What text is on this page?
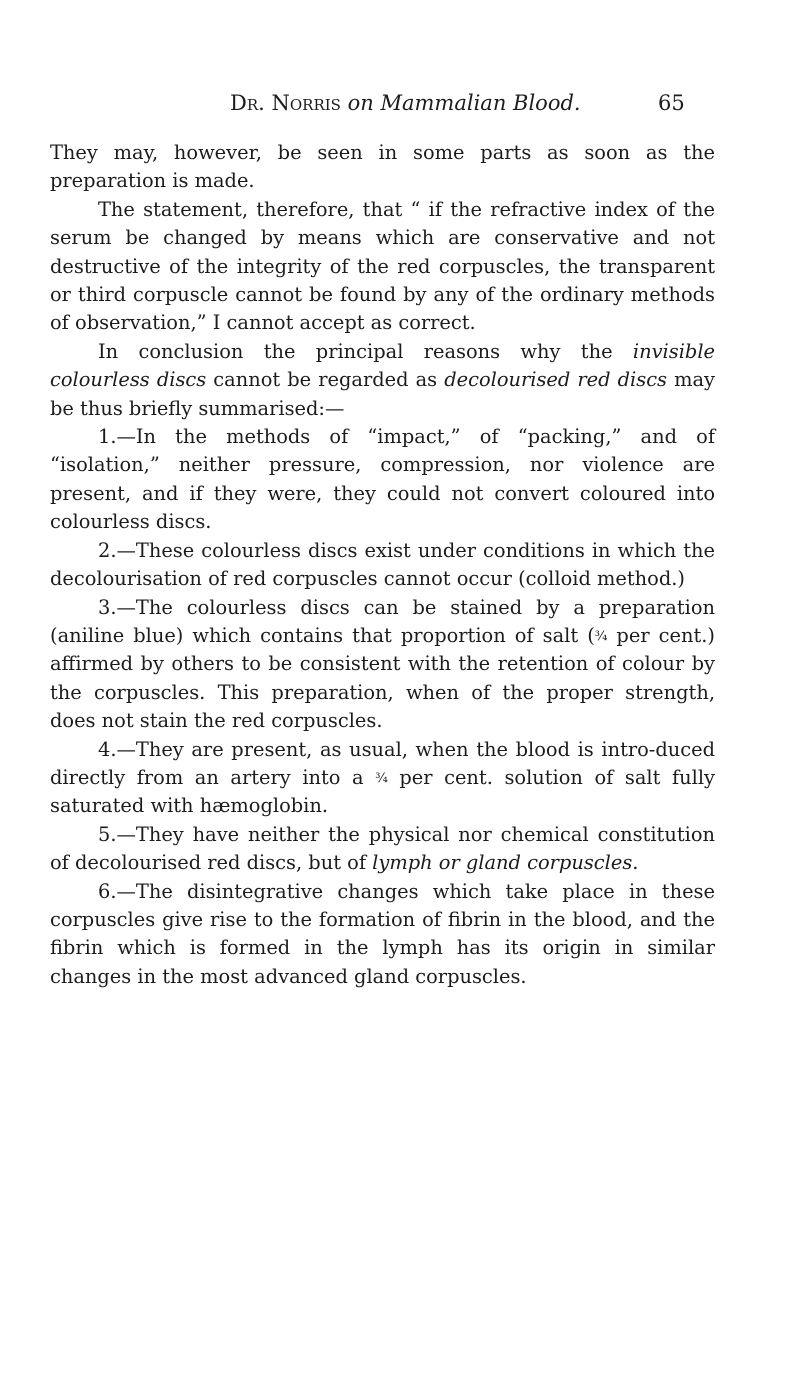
Dr. Norris on Mammalian Blood.	65

They may, however, be seen in some parts as soon as the preparation is made.

The statement, therefore, that “ if the refractive index of the serum be changed by means which are conservative and not destructive of the integrity of the red corpuscles, the transparent or third corpuscle cannot be found by any of the ordinary methods of observation,” I cannot accept as correct.

In conclusion the principal reasons why the invisible colourless discs cannot be regarded as decolourised red discs may be thus briefly summarised:—

1.—In the methods of “impact,” of “packing,” and of “isolation,” neither pressure, compression, nor violence are present, and if they were, they could not convert coloured into colourless discs.

2.—These colourless discs exist under conditions in which the decolourisation of red corpuscles cannot occur (colloid method.)

3.—The colourless discs can be stained by a preparation (aniline blue) which contains that proportion of salt (¾ per cent.) affirmed by others to be consistent with the retention of colour by the corpuscles. This preparation, when of the proper strength, does not stain the red corpuscles.

4.—They are present, as usual, when the blood is intro-duced directly from an artery into a ¾ per cent. solution of salt fully saturated with hæmoglobin.

5.—They have neither the physical nor chemical constitution of decolourised red discs, but of lymph or gland corpuscles.

6.—The disintegrative changes which take place in these corpuscles give rise to the formation of fibrin in the blood, and the fibrin which is formed in the lymph has its origin in similar changes in the most advanced gland corpuscles.
